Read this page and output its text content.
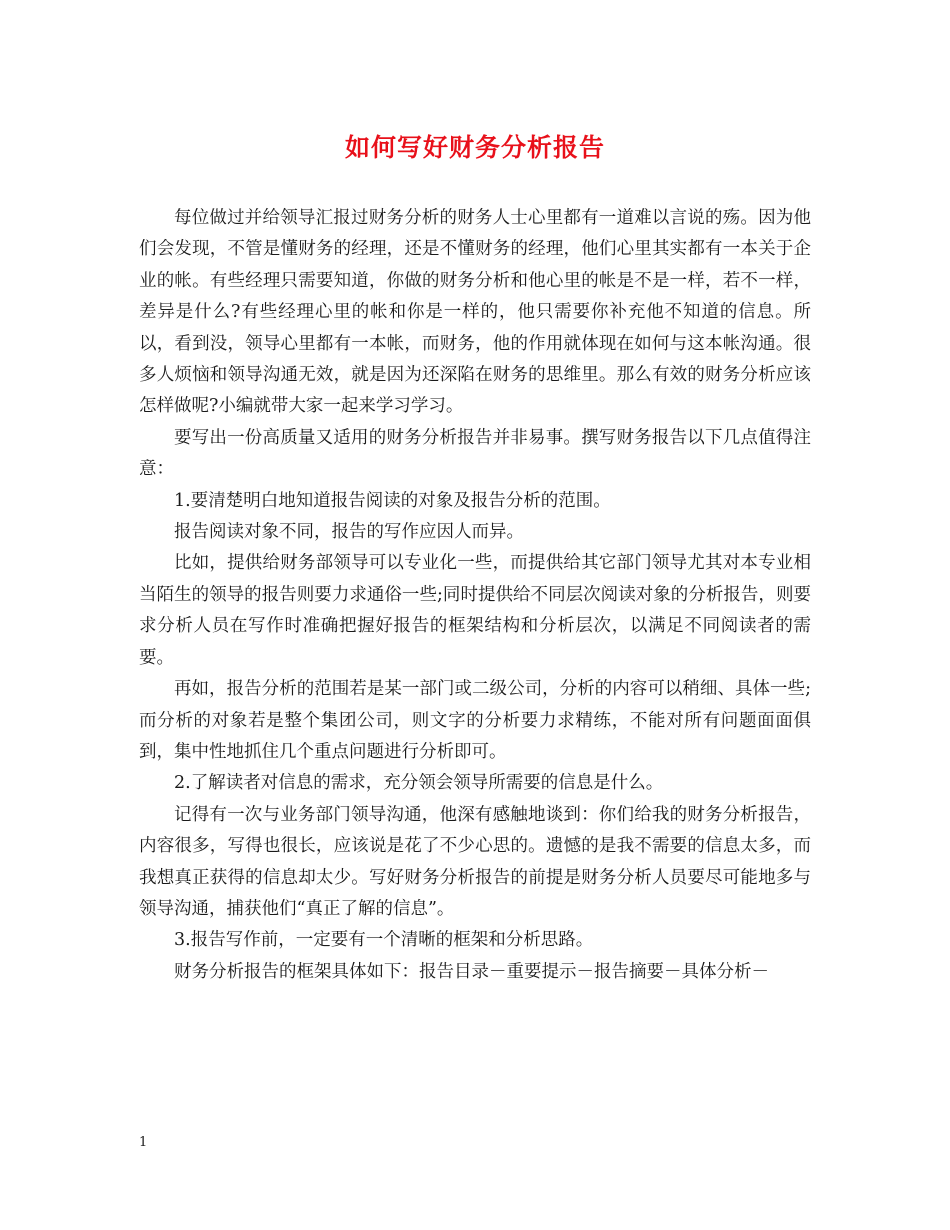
如何写好财务分析报告

每位做过并给领导汇报过财务分析的财务人士心里都有一道难以言说的殇。因为他们会发现，不管是懂财务的经理，还是不懂财务的经理，他们心里其实都有一本关于企业的帐。有些经理只需要知道，你做的财务分析和他心里的帐是不是一样，若不一样，差异是什么?有些经理心里的帐和你是一样的，他只需要你补充他不知道的信息。所以，看到没，领导心里都有一本帐，而财务，他的作用就体现在如何与这本帐沟通。很多人烦恼和领导沟通无效，就是因为还深陷在财务的思维里。那么有效的财务分析应该怎样做呢?小编就带大家一起来学习学习。

要写出一份高质量又适用的财务分析报告并非易事。撰写财务报告以下几点值得注意：

1.要清楚明白地知道报告阅读的对象及报告分析的范围。

报告阅读对象不同，报告的写作应因人而异。

比如，提供给财务部领导可以专业化一些，而提供给其它部门领导尤其对本专业相当陌生的领导的报告则要力求通俗一些;同时提供给不同层次阅读对象的分析报告，则要求分析人员在写作时准确把握好报告的框架结构和分析层次，以满足不同阅读者的需要。

再如，报告分析的范围若是某一部门或二级公司，分析的内容可以稍细、具体一些;而分析的对象若是整个集团公司，则文字的分析要力求精练，不能对所有问题面面俱到，集中性地抓住几个重点问题进行分析即可。

2.了解读者对信息的需求，充分领会领导所需要的信息是什么。

记得有一次与业务部门领导沟通，他深有感触地谈到：你们给我的财务分析报告，内容很多，写得也很长，应该说是花了不少心思的。遗憾的是我不需要的信息太多，而我想真正获得的信息却太少。写好财务分析报告的前提是财务分析人员要尽可能地多与领导沟通，捕获他们“真正了解的信息”。

3.报告写作前，一定要有一个清晰的框架和分析思路。

财务分析报告的框架具体如下：报告目录－重要提示－报告摘要－具体分析－

1
